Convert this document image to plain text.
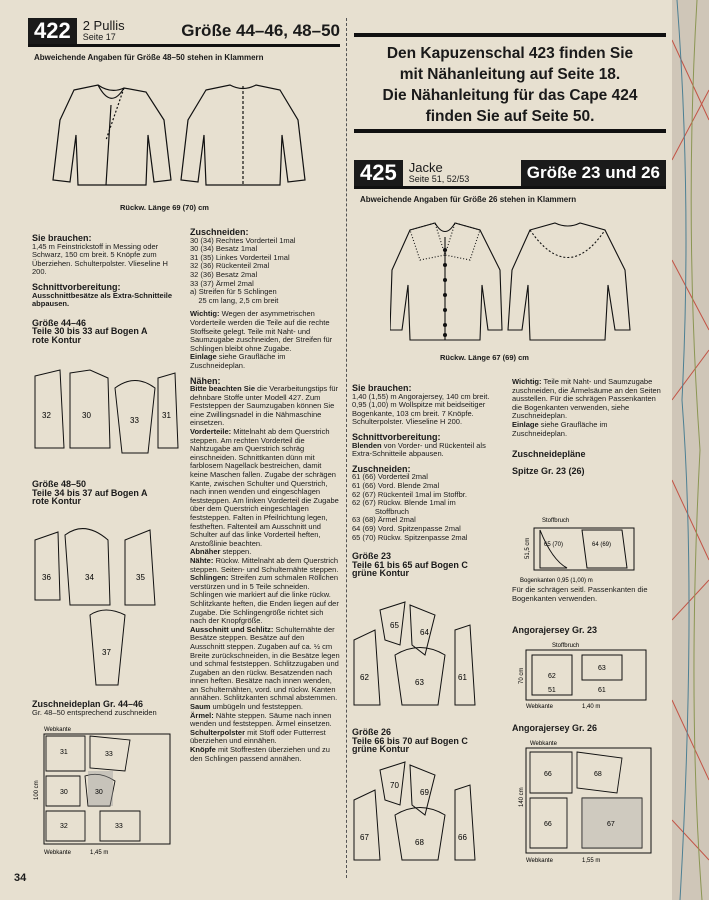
422 2 Pullis
Seite 17	Größe 44–46, 48–50
Abweichende Angaben für Größe 48–50 stehen in Klammern
Rückw. Länge 69 (70) cm
Sie brauchen:
1,45 m Feinstrickstoff in Messing oder Schwarz, 150 cm breit. 5 Knöpfe zum Überziehen. Schulterpolster. Vlieseline H 200.
Schnittvorbereitung:
Ausschnittbesätze als Extra-Schnitteile abpausen.
Größe 44–46
Teile 30 bis 33 auf Bogen A
rote Kontur
32	30
33
31
Größe 48–50
Teile 34 bis 37 auf Bogen A
rote Kontur
36	34	35
37
Zuschneideplan Gr. 44–46
Gr. 48–50 entsprechend zuschneiden
31	33
30	30
32	33
100 cm
Webkante
Webkante	1,45 m
Zuschneiden:
30 (34) Rechtes Vorderteil 1mal
30 (34) Besatz 1mal
31 (35) Linkes Vorderteil 1mal
32 (36) Rückenteil 2mal
32 (36) Besatz 2mal
33 (37) Ärmel 2mal
a) Streifen für 5 Schlingen
25 cm lang, 2,5 cm breit
Wichtig: Wegen der asymmetrischen Vorderteile werden die Teile auf die rechte Stoffseite gelegt. Teile mit Naht- und Saumzugabe zuschneiden, der Streifen für Schlingen bleibt ohne Zugabe.
Einlage siehe Graufläche im Zuschneideplan.
Nähen:
Bitte beachten Sie die Verarbeitungstips für dehnbare Stoffe unter Modell 427. Zum Feststeppen der Saumzugaben können Sie eine Zwillingsnadel in die Nähmaschine einsetzen.
Vorderteile: Mittelnaht ab dem Querstrich steppen. Am rechten Vorderteil die Nahtzugabe am Querstrich schräg einschneiden. Schnittkanten dünn mit farblosem Nagellack bestreichen, damit keine Maschen fallen. Zugabe der schrägen Kante, zwischen Schulter und Querstrich, nach innen wenden und eingeschlagen feststeppen. Am linken Vorderteil die Zugabe über dem Querstrich eingeschlagen feststeppen. Falten in Pfeilrichtung legen, festheften. Faltenteil am Ausschnitt und Schulter auf das linke Vorderteil heften, Anstoßlinie beachten.
Abnäher steppen.
Nähte: Rückw. Mittelnaht ab dem Querstrich steppen. Seiten- und Schulternähte steppen.
Schlingen: Streifen zum schmalen Röllchen verstürzen und in 5 Teile schneiden. Schlingen wie markiert auf die linke rückw. Schlitzkante heften, die Enden liegen auf der Zugabe. Die Schlingengröße richtet sich nach der Knopfgröße.
Ausschnitt und Schlitz: Schulternähte der Besätze steppen. Besätze auf den Ausschnitt steppen. Zugaben auf ca. ½ cm Breite zurückschneiden, in die Besätze legen und schmal feststeppen. Schlitzzugaben und Zugaben an den rückw. Besatzenden nach innen heften. Besätze nach innen wenden, an Schulternähten, vord. und rückw. Kanten annähen. Schlitzkanten schmal abstemmen.
Saum umbügeln und feststeppen.
Ärmel: Nähte steppen. Säume nach innen wenden und feststeppen. Ärmel einsetzen.
Schulterpolster mit Stoff oder Futterrest überziehen und einnähen.
Knöpfe mit Stoffresten überziehen und zu den Schlingen passend annähen.
Den Kapuzenschal 423 finden Sie
mit Nähanleitung auf Seite 18.
Die Nähanleitung für das Cape 424
finden Sie auf Seite 50.
425 Jacke
Seite 51, 52/53	Größe 23 und 26
Abweichende Angaben für Größe 26 stehen in Klammern
Rückw. Länge 67 (69) cm
Sie brauchen:
1,40 (1,55) m Angorajersey, 140 cm breit. 0,95 (1,00) m Wollspitze mit beidseitiger Bogenkante, 103 cm breit. 7 Knöpfe. Schulterpolster. Vlieseline H 200.
Schnittvorbereitung:
Blenden von Vorder- und Rückenteil als Extra-Schnitteile abpausen.
Zuschneiden:
61 (66) Vorderteil 2mal
61 (66) Vord. Blende 2mal
62 (67) Rückenteil 1mal im Stoffbr.
62 (67) Rückw. Blende 1mal im
Stoffbruch
63 (68) Ärmel 2mal
64 (69) Vord. Spitzenpasse 2mal
65 (70) Rückw. Spitzenpasse 2mal
Größe 23
Teile 61 bis 65 auf Bogen C
grüne Kontur
65
64
62
63
61
Größe 26
Teile 66 bis 70 auf Bogen C
grüne Kontur
70
69
67
68
66
Wichtig: Teile mit Naht- und Saumzugabe zuschneiden, die Ärmelsäume an den Seiten ausstellen. Für die schrägen Passenkanten die Bogenkanten verwenden, siehe Zuschneideplan.
Einlage siehe Graufläche im Zuschneideplan.
Zuschneidepläne
Spitze Gr. 23 (26)
Stoffbruch
65 (70)	64 (69)
Bogenkanten 0,95 (1,00) m
51,5 cm
Für die schrägen seitl. Passenkanten die Bogenkanten verwenden.
Angorajersey Gr. 23
62
63
51	61
Stoffbruch
Webkante	1,40 m
70 cm
Angorajersey Gr. 26
66	68
66	67
Webkante
Webkante	1,55 m
140 cm
34
